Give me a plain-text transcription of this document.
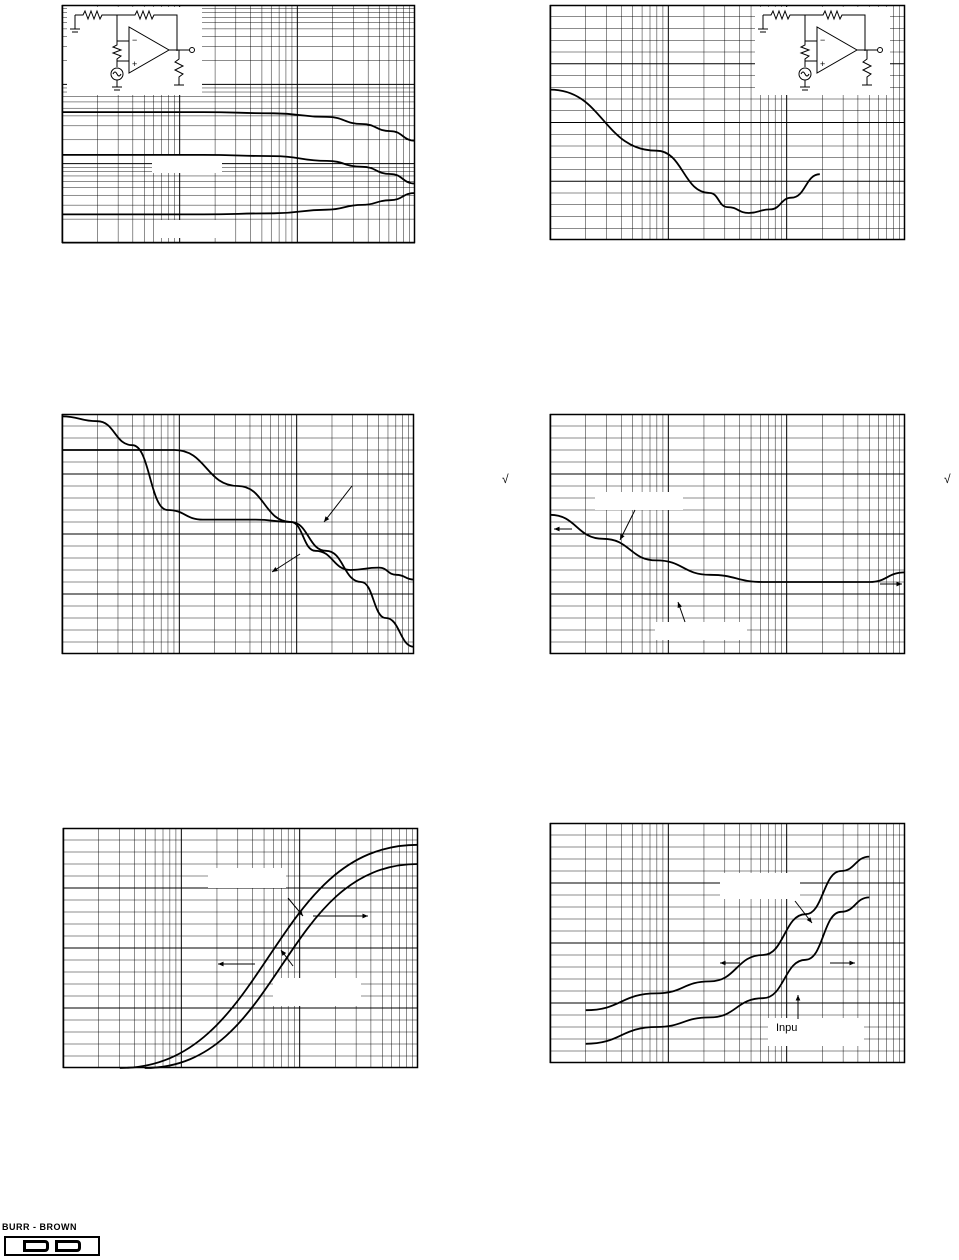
−
+
−
+
Inpu
√	√
BURR - BROWN
